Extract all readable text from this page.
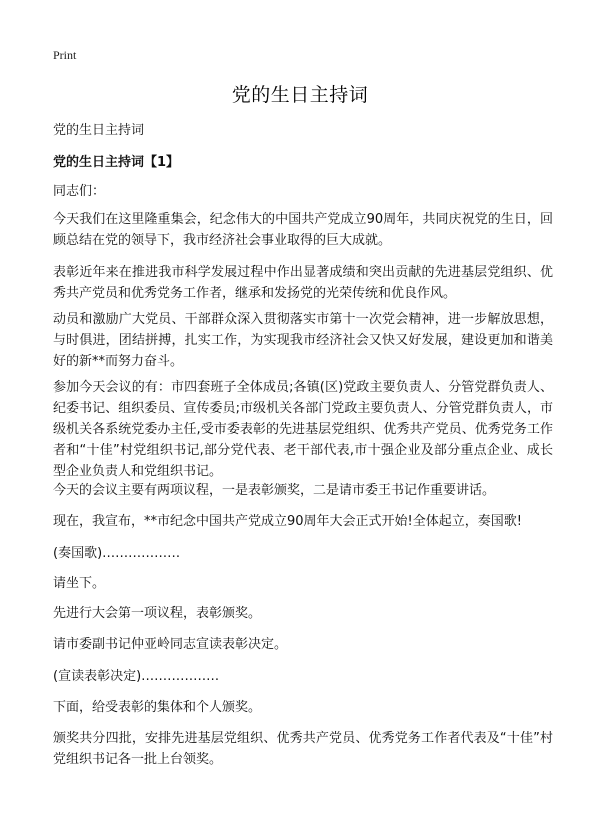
Print
党的生日主持词
党的生日主持词
党的生日主持词【1】
同志们：
今天我们在这里隆重集会，纪念伟大的中国共产党成立90周年，共同庆祝党的生日，回顾总结在党的领导下，我市经济社会事业取得的巨大成就。
表彰近年来在推进我市科学发展过程中作出显著成绩和突出贡献的先进基层党组织、优秀共产党员和优秀党务工作者，继承和发扬党的光荣传统和优良作风。
动员和激励广大党员、干部群众深入贯彻落实市第十一次党会精神，进一步解放思想，与时俱进，团结拼搏，扎实工作，为实现我市经济社会又快又好发展，建设更加和谐美好的新**而努力奋斗。
参加今天会议的有：市四套班子全体成员;各镇(区)党政主要负责人、分管党群负责人、纪委书记、组织委员、宣传委员;市级机关各部门党政主要负责人、分管党群负责人，市级机关各系统党委办主任,受市委表彰的先进基层党组织、优秀共产党员、优秀党务工作者和“十佳”村党组织书记,部分党代表、老干部代表,市十强企业及部分重点企业、成长型企业负责人和党组织书记。
今天的会议主要有两项议程，一是表彰颁奖，二是请市委王书记作重要讲话。
现在，我宣布，**市纪念中国共产党成立90周年大会正式开始!全体起立，奏国歌!
(奏国歌)………………
请坐下。
先进行大会第一项议程，表彰颁奖。
请市委副书记仲亚岭同志宣读表彰决定。
(宣读表彰决定)………………
下面，给受表彰的集体和个人颁奖。
颁奖共分四批，安排先进基层党组织、优秀共产党员、优秀党务工作者代表及“十佳”村党组织书记各一批上台领奖。
